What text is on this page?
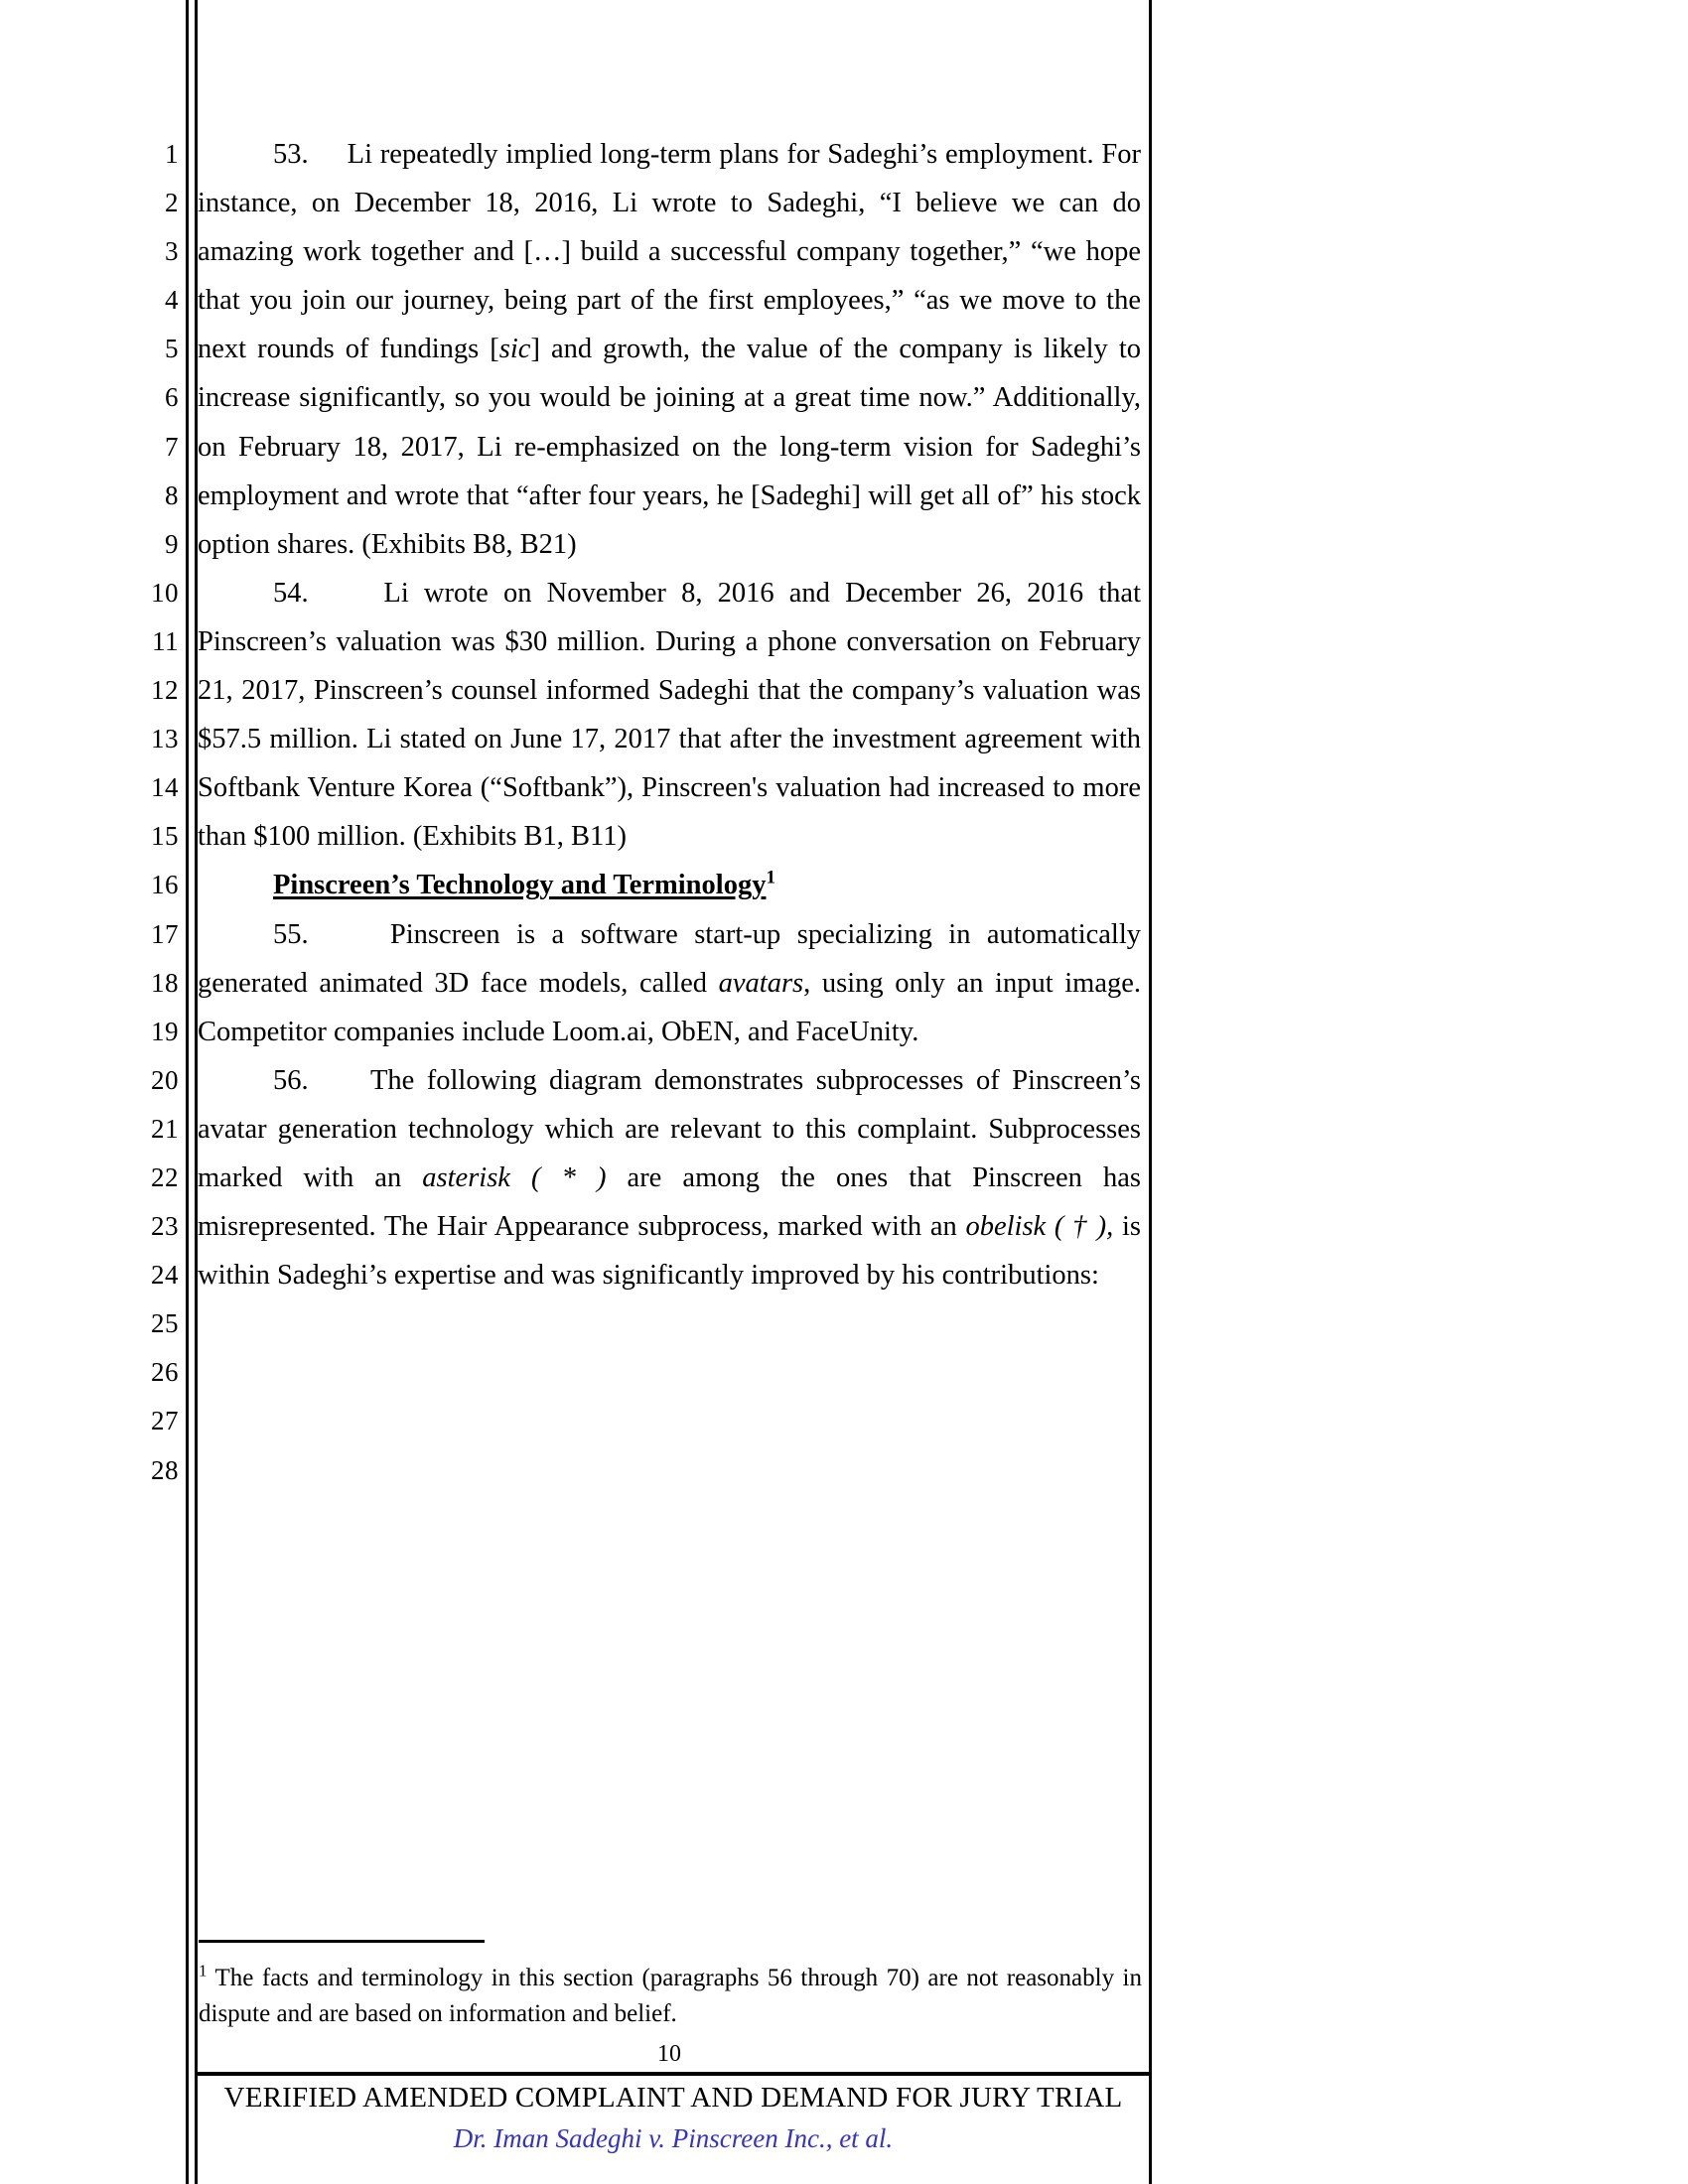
1
2
3
4
5
6
7
8
9
10
11
12
13
14
15
16
17
18
19
20
21
22
23
24
25
26
27
28

53. Li repeatedly implied long-term plans for Sadeghi’s employment. For instance, on December 18, 2016, Li wrote to Sadeghi, “I believe we can do amazing work together and […] build a successful company together,” “we hope that you join our journey, being part of the first employees,” “as we move to the next rounds of fundings [sic] and growth, the value of the company is likely to increase significantly, so you would be joining at a great time now.” Additionally, on February 18, 2017, Li re-emphasized on the long-term vision for Sadeghi’s employment and wrote that “after four years, he [Sadeghi] will get all of” his stock option shares. (Exhibits B8, B21)

54.	Li wrote on November 8, 2016 and December 26, 2016 that Pinscreen’s valuation was $30 million. During a phone conversation on February 21, 2017, Pinscreen’s counsel informed Sadeghi that the company’s valuation was $57.5 million. Li stated on June 17, 2017 that after the investment agreement with Softbank Venture Korea (“Softbank”), Pinscreen's valuation had increased to more than $100 million. (Exhibits B1, B11)

Pinscreen’s Technology and Terminology$^1$

55.	Pinscreen is a software start-up specializing in automatically generated animated 3D face models, called avatars, using only an input image. Competitor companies include Loom.ai, ObEN, and FaceUnity.

56. The following diagram demonstrates subprocesses of Pinscreen’s avatar generation technology which are relevant to this complaint. Subprocesses marked with an asterisk ( * ) are among the ones that Pinscreen has misrepresented. The Hair Appearance subprocess, marked with an obelisk ( † ), is within Sadeghi’s expertise and was significantly improved by his contributions:

$^1$ The facts and terminology in this section (paragraphs 56 through 70) are not reasonably in dispute and are based on information and belief.
10
VERIFIED AMENDED COMPLAINT AND DEMAND FOR JURY TRIAL
Dr. Iman Sadeghi v. Pinscreen Inc., et al.
